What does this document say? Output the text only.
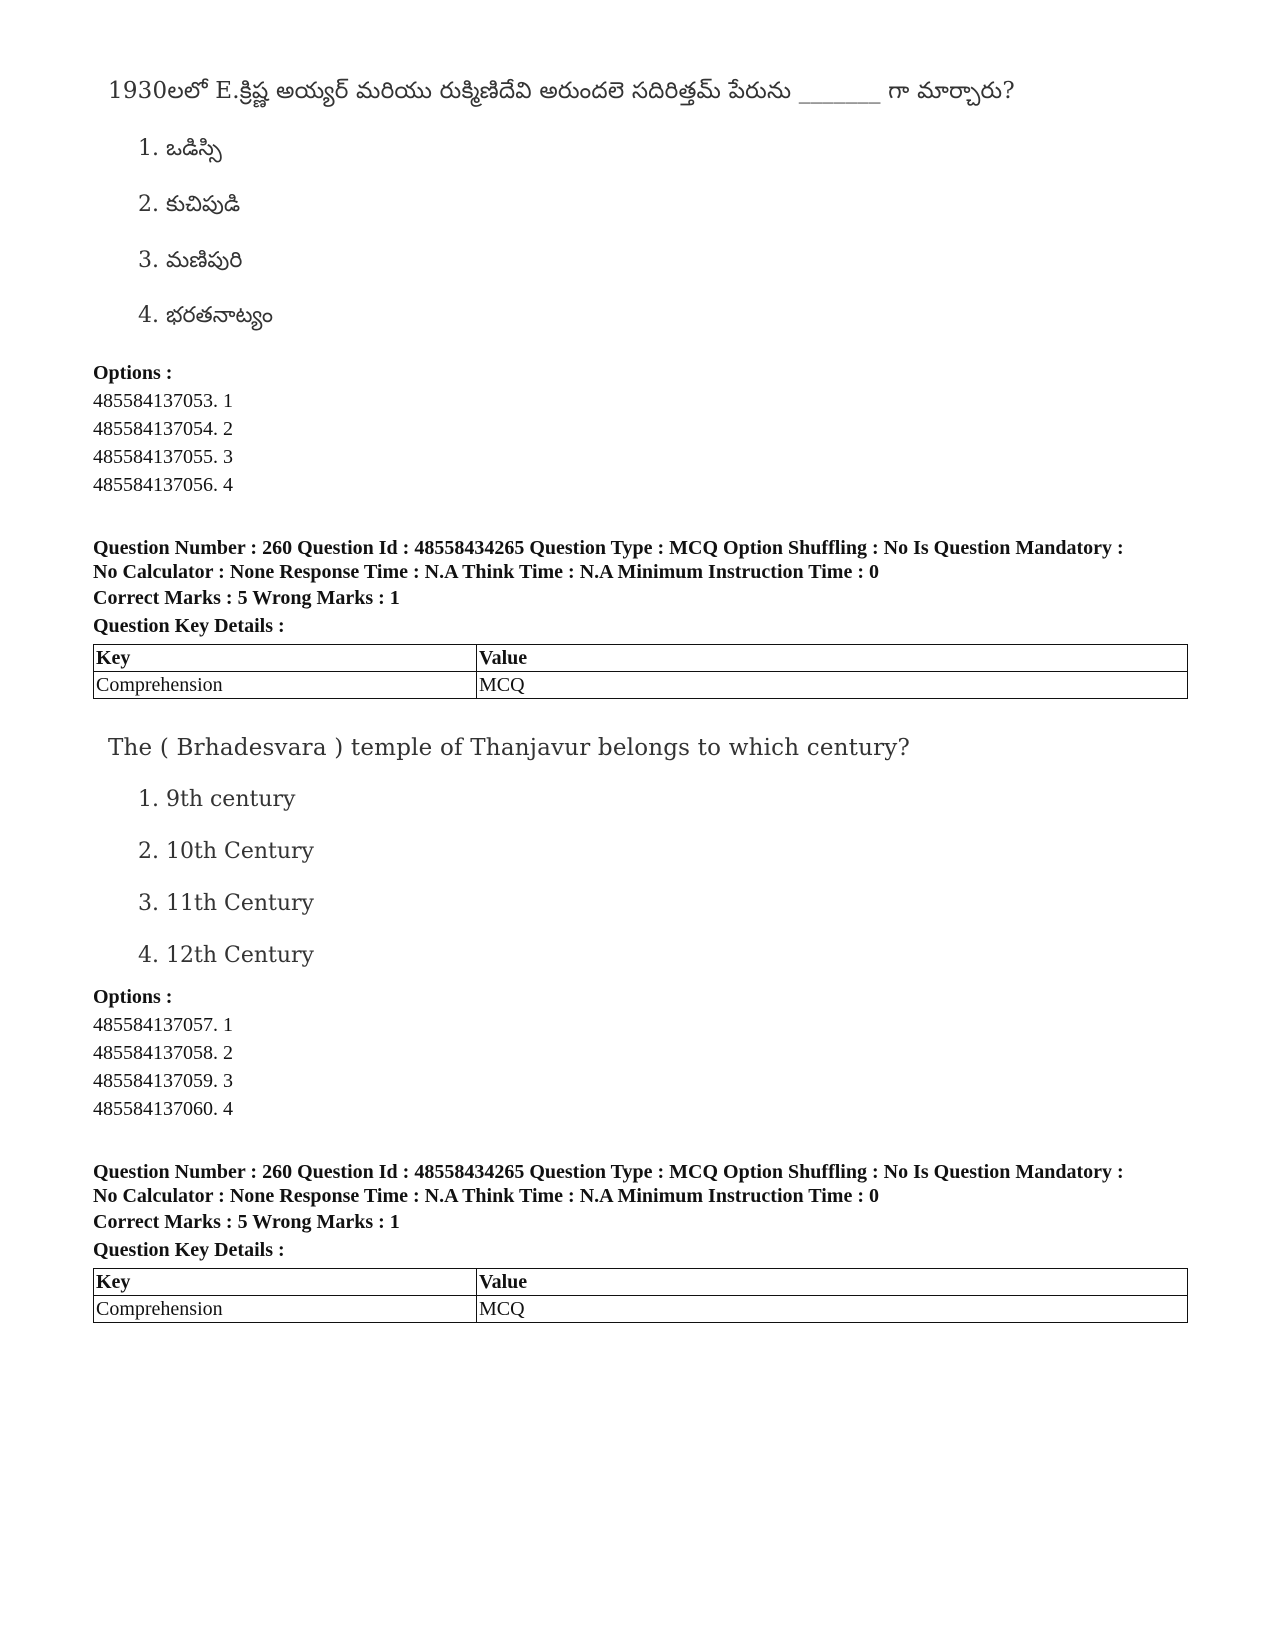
1930లలో E.క్రిష్ణ అయ్యర్ మరియు రుక్మిణిదేవి అరుందలె సదిరిత్తమ్ పేరును _______ గా మార్చారు?
1. ఒడిస్సి
2. కుచిపుడి
3. మణిపురి
4. భరతనాట్యం
Options :
485584137053. 1
485584137054. 2
485584137055. 3
485584137056. 4
Question Number : 260 Question Id : 48558434265 Question Type : MCQ Option Shuffling : No Is Question Mandatory :
No Calculator : None Response Time : N.A Think Time : N.A Minimum Instruction Time : 0
Correct Marks : 5 Wrong Marks : 1
Question Key Details :
Key	Value
Comprehension	MCQ
The ( Brhadesvara ) temple of Thanjavur belongs to which century?
1. 9th century
2. 10th Century
3. 11th Century
4. 12th Century
Options :
485584137057. 1
485584137058. 2
485584137059. 3
485584137060. 4
Question Number : 260 Question Id : 48558434265 Question Type : MCQ Option Shuffling : No Is Question Mandatory :
No Calculator : None Response Time : N.A Think Time : N.A Minimum Instruction Time : 0
Correct Marks : 5 Wrong Marks : 1
Question Key Details :
Key	Value
Comprehension	MCQ
